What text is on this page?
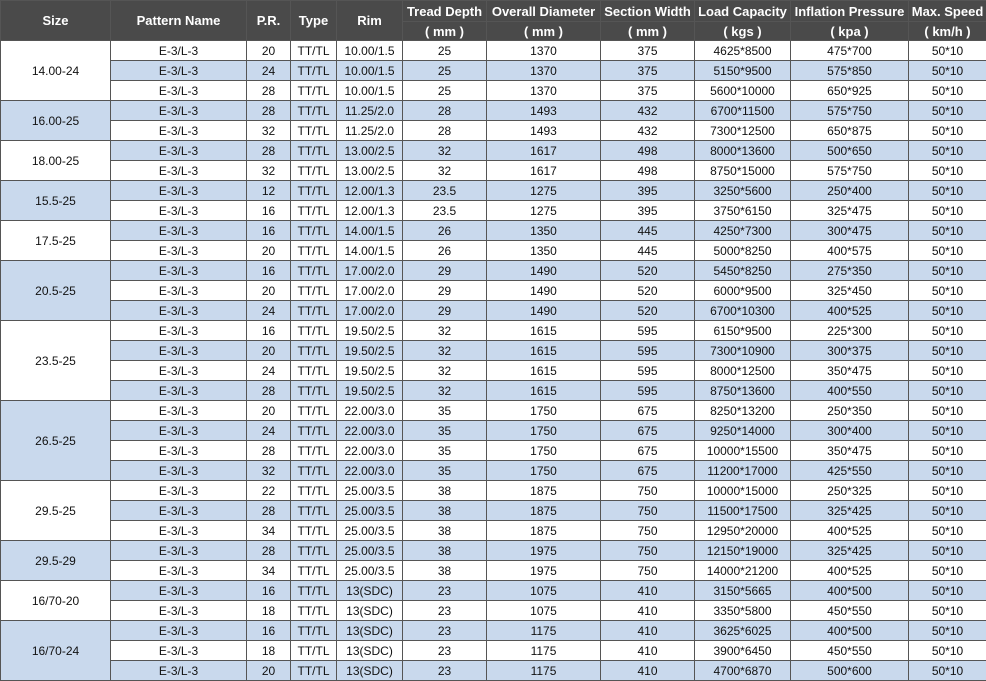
Size	Pattern Name	P.R.	Type	Rim	Tread Depth	Overall Diameter	Section Width	Load Capacity	Inflation Pressure	Max. Speed
					( mm )	( mm )	( mm )	( kgs )	( kpa )	( km/h )
14.00-24	E-3/L-3	20	TT/TL	10.00/1.5	25	1370	375	4625*8500	475*700	50*10
	E-3/L-3	24	TT/TL	10.00/1.5	25	1370	375	5150*9500	575*850	50*10
	E-3/L-3	28	TT/TL	10.00/1.5	25	1370	375	5600*10000	650*925	50*10
16.00-25	E-3/L-3	28	TT/TL	11.25/2.0	28	1493	432	6700*11500	575*750	50*10
	E-3/L-3	32	TT/TL	11.25/2.0	28	1493	432	7300*12500	650*875	50*10
18.00-25	E-3/L-3	28	TT/TL	13.00/2.5	32	1617	498	8000*13600	500*650	50*10
	E-3/L-3	32	TT/TL	13.00/2.5	32	1617	498	8750*15000	575*750	50*10
15.5-25	E-3/L-3	12	TT/TL	12.00/1.3	23.5	1275	395	3250*5600	250*400	50*10
	E-3/L-3	16	TT/TL	12.00/1.3	23.5	1275	395	3750*6150	325*475	50*10
17.5-25	E-3/L-3	16	TT/TL	14.00/1.5	26	1350	445	4250*7300	300*475	50*10
	E-3/L-3	20	TT/TL	14.00/1.5	26	1350	445	5000*8250	400*575	50*10
20.5-25	E-3/L-3	16	TT/TL	17.00/2.0	29	1490	520	5450*8250	275*350	50*10
	E-3/L-3	20	TT/TL	17.00/2.0	29	1490	520	6000*9500	325*450	50*10
	E-3/L-3	24	TT/TL	17.00/2.0	29	1490	520	6700*10300	400*525	50*10
23.5-25	E-3/L-3	16	TT/TL	19.50/2.5	32	1615	595	6150*9500	225*300	50*10
	E-3/L-3	20	TT/TL	19.50/2.5	32	1615	595	7300*10900	300*375	50*10
	E-3/L-3	24	TT/TL	19.50/2.5	32	1615	595	8000*12500	350*475	50*10
	E-3/L-3	28	TT/TL	19.50/2.5	32	1615	595	8750*13600	400*550	50*10
26.5-25	E-3/L-3	20	TT/TL	22.00/3.0	35	1750	675	8250*13200	250*350	50*10
	E-3/L-3	24	TT/TL	22.00/3.0	35	1750	675	9250*14000	300*400	50*10
	E-3/L-3	28	TT/TL	22.00/3.0	35	1750	675	10000*15500	350*475	50*10
	E-3/L-3	32	TT/TL	22.00/3.0	35	1750	675	11200*17000	425*550	50*10
29.5-25	E-3/L-3	22	TT/TL	25.00/3.5	38	1875	750	10000*15000	250*325	50*10
	E-3/L-3	28	TT/TL	25.00/3.5	38	1875	750	11500*17500	325*425	50*10
	E-3/L-3	34	TT/TL	25.00/3.5	38	1875	750	12950*20000	400*525	50*10
29.5-29	E-3/L-3	28	TT/TL	25.00/3.5	38	1975	750	12150*19000	325*425	50*10
	E-3/L-3	34	TT/TL	25.00/3.5	38	1975	750	14000*21200	400*525	50*10
16/70-20	E-3/L-3	16	TT/TL	13(SDC)	23	1075	410	3150*5665	400*500	50*10
	E-3/L-3	18	TT/TL	13(SDC)	23	1075	410	3350*5800	450*550	50*10
16/70-24	E-3/L-3	16	TT/TL	13(SDC)	23	1175	410	3625*6025	400*500	50*10
	E-3/L-3	18	TT/TL	13(SDC)	23	1175	410	3900*6450	450*550	50*10
	E-3/L-3	20	TT/TL	13(SDC)	23	1175	410	4700*6870	500*600	50*10
